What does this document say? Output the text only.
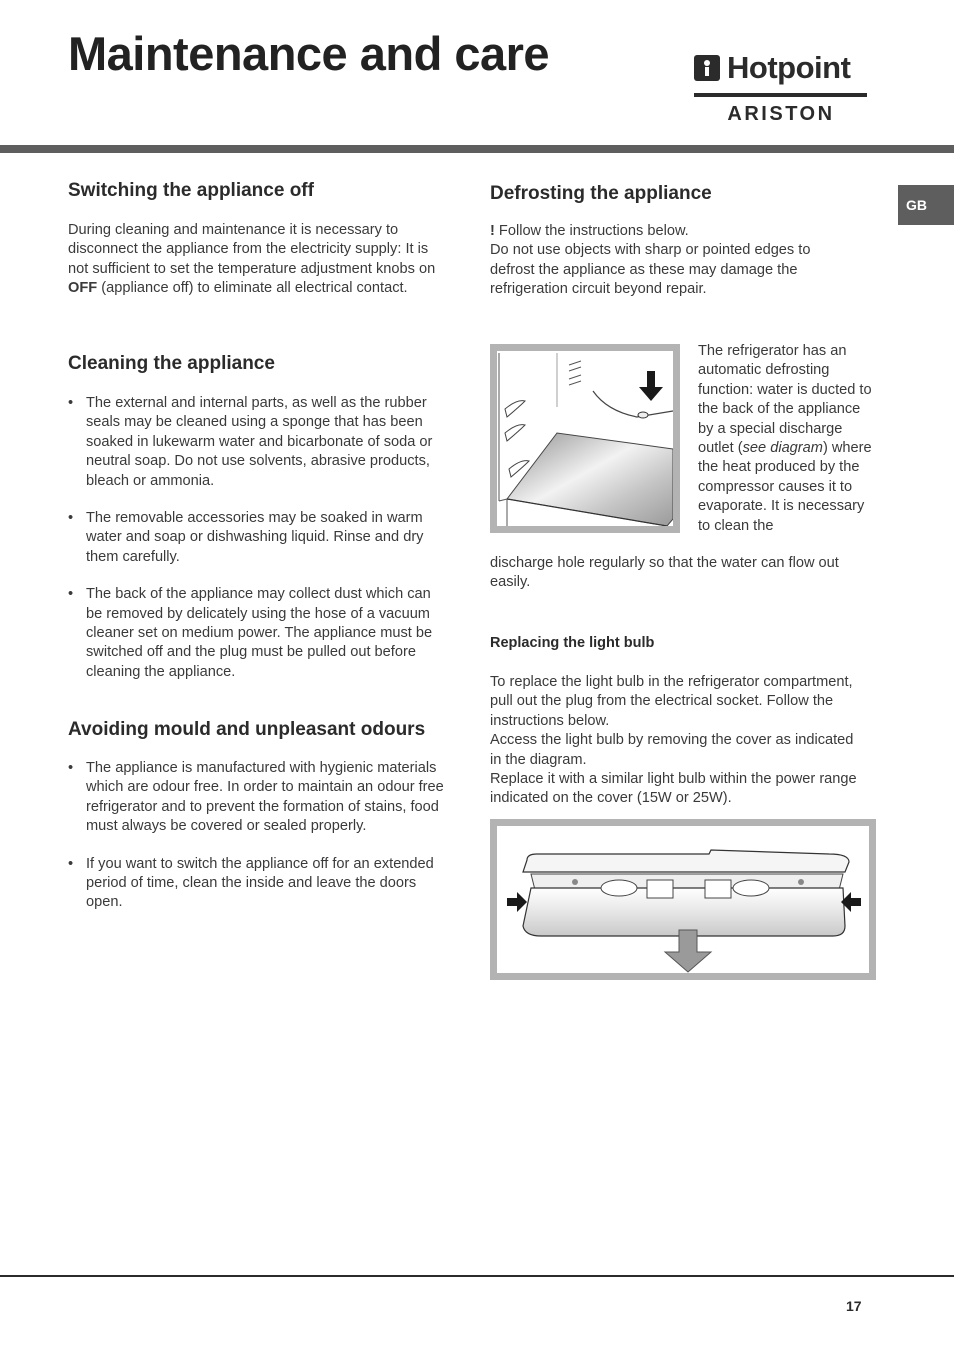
Maintenance and care	Hotpoint
ARISTON
GB
Switching the appliance off

During cleaning and maintenance it is necessary to disconnect the appliance from the electricity supply: It is not sufficient to set the temperature adjustment knobs on OFF (appliance off) to eliminate all electrical contact.

Cleaning the appliance
• The external and internal parts, as well as the rubber seals may be cleaned using a sponge that has been soaked in lukewarm water and bicarbonate of soda or neutral soap. Do not use solvents, abrasive products, bleach or ammonia.
• The removable accessories may be soaked in warm water and soap or dishwashing liquid. Rinse and dry them carefully.
• The back of the appliance may collect dust which can be removed by delicately using the hose of a vacuum cleaner set on medium power. The appliance must be switched off and the plug must be pulled out before cleaning the appliance.
Avoiding mould and unpleasant odours
• The appliance is manufactured with hygienic materials which are odour free. In order to maintain an odour free refrigerator and to prevent the formation of stains, food must always be covered or sealed properly.
• If you want to switch the appliance off for an extended period of time, clean the inside and leave the doors open.
Defrosting the appliance

! Follow the instructions below.

Do not use objects with sharp or pointed edges to defrost the appliance as these may damage the refrigeration circuit beyond repair.

The refrigerator has an automatic defrosting function: water is ducted to the back of the appliance by a special discharge outlet (see diagram) where the heat produced by the compressor causes it to evaporate. It is necessary to clean the

discharge hole regularly so that the water can flow out easily.
Replacing the light bulb

To replace the light bulb in the refrigerator compartment, pull out the plug from the electrical socket. Follow the instructions below.

Access the light bulb by removing the cover as indicated in the diagram.

Replace it with a similar light bulb within the power range indicated on the cover (15W or 25W).

17
